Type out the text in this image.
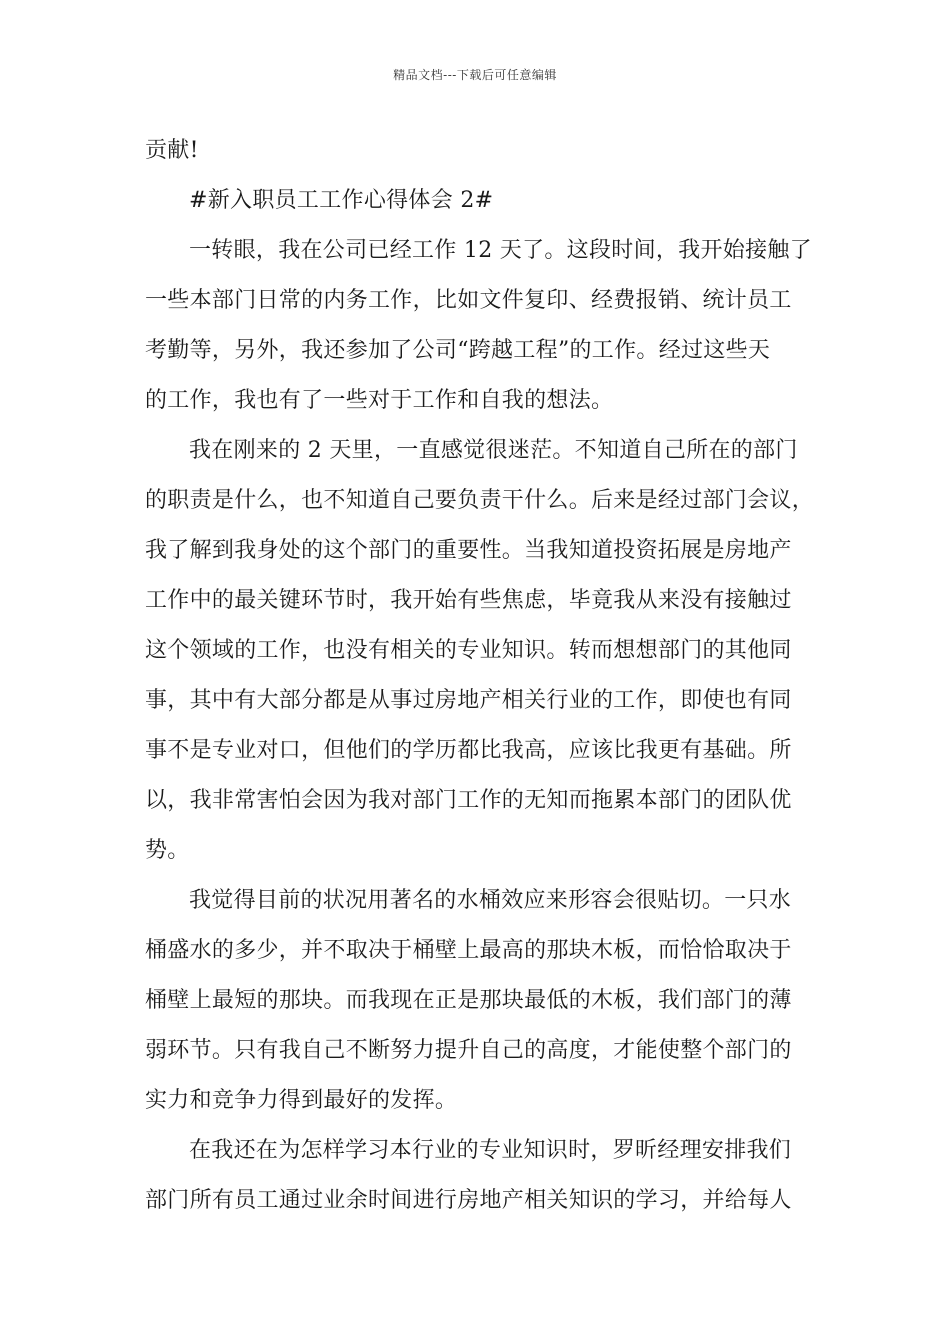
精品文档---下载后可任意编辑
贡献!
#新入职员工工作心得体会 2#
一转眼，我在公司已经工作 12 天了。这段时间，我开始接触了
一些本部门日常的内务工作，比如文件复印、经费报销、统计员工
考勤等，另外，我还参加了公司“跨越工程”的工作。经过这些天
的工作，我也有了一些对于工作和自我的想法。
我在刚来的 2 天里，一直感觉很迷茫。不知道自己所在的部门
的职责是什么，也不知道自己要负责干什么。后来是经过部门会议，
我了解到我身处的这个部门的重要性。当我知道投资拓展是房地产
工作中的最关键环节时，我开始有些焦虑，毕竟我从来没有接触过
这个领域的工作，也没有相关的专业知识。转而想想部门的其他同
事，其中有大部分都是从事过房地产相关行业的工作，即使也有同
事不是专业对口，但他们的学历都比我高，应该比我更有基础。所
以，我非常害怕会因为我对部门工作的无知而拖累本部门的团队优
势。
我觉得目前的状况用著名的水桶效应来形容会很贴切。一只水
桶盛水的多少，并不取决于桶壁上最高的那块木板，而恰恰取决于
桶壁上最短的那块。而我现在正是那块最低的木板，我们部门的薄
弱环节。只有我自己不断努力提升自己的高度，才能使整个部门的
实力和竞争力得到最好的发挥。
在我还在为怎样学习本行业的专业知识时，罗昕经理安排我们
部门所有员工通过业余时间进行房地产相关知识的学习，并给每人
